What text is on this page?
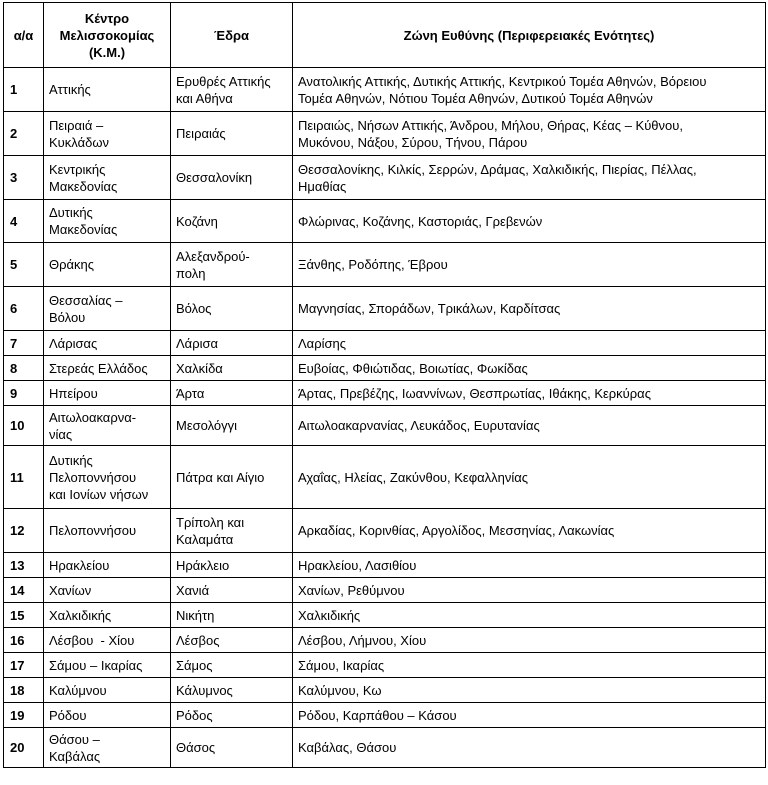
α/α	Κέντρο Μελισσοκομίας (Κ.Μ.)	Έδρα	Ζώνη Ευθύνης (Περιφερειακές Ενότητες)
1	Αττικής	Ερυθρές Αττικής
και Αθήνα	Ανατολικής Αττικής, Δυτικής Αττικής, Κεντρικού Τομέα Αθηνών, Βόρειου
Τομέα Αθηνών, Νότιου Τομέα Αθηνών, Δυτικού Τομέα Αθηνών
2	Πειραιά –
Κυκλάδων	Πειραιάς	Πειραιώς, Νήσων Αττικής, Άνδρου, Μήλου, Θήρας, Κέας – Κύθνου,
Μυκόνου, Νάξου, Σύρου, Τήνου, Πάρου
3	Κεντρικής
Μακεδονίας	Θεσσαλονίκη	Θεσσαλονίκης, Κιλκίς, Σερρών, Δράμας, Χαλκιδικής, Πιερίας, Πέλλας,
Ημαθίας
4	Δυτικής
Μακεδονίας	Κοζάνη	Φλώρινας, Κοζάνης, Καστοριάς, Γρεβενών
5	Θράκης	Αλεξανδρού-
πολη	Ξάνθης, Ροδόπης, Έβρου
6	Θεσσαλίας –
Βόλου	Βόλος	Μαγνησίας, Σποράδων, Τρικάλων, Καρδίτσας
7	Λάρισας	Λάρισα	Λαρίσης
8	Στερεάς Ελλάδος	Χαλκίδα	Ευβοίας, Φθιώτιδας, Βοιωτίας, Φωκίδας
9	Ηπείρου	Άρτα	Άρτας, Πρεβέζης, Ιωαννίνων, Θεσπρωτίας, Ιθάκης, Κερκύρας
10	Αιτωλοακαρνα-
νίας	Μεσολόγγι	Αιτωλοακαρνανίας, Λευκάδος, Ευρυτανίας
11	Δυτικής
Πελοποννήσου
και Ιονίων νήσων	Πάτρα και Αίγιο	Αχαΐας, Ηλείας, Ζακύνθου, Κεφαλληνίας
12	Πελοποννήσου	Τρίπολη και
Καλαμάτα	Αρκαδίας, Κορινθίας, Αργολίδος, Μεσσηνίας, Λακωνίας
13	Ηρακλείου	Ηράκλειο	Ηρακλείου, Λασιθίου
14	Χανίων	Χανιά	Χανίων, Ρεθύμνου
15	Χαλκιδικής	Νικήτη	Χαλκιδικής
16	Λέσβου  - Χίου	Λέσβος	Λέσβου, Λήμνου, Χίου
17	Σάμου – Ικαρίας	Σάμος	Σάμου, Ικαρίας
18	Καλύμνου	Κάλυμνος	Καλύμνου, Κω
19	Ρόδου	Ρόδος	Ρόδου, Καρπάθου – Κάσου
20	Θάσου –
Καβάλας	Θάσος	Καβάλας, Θάσου
